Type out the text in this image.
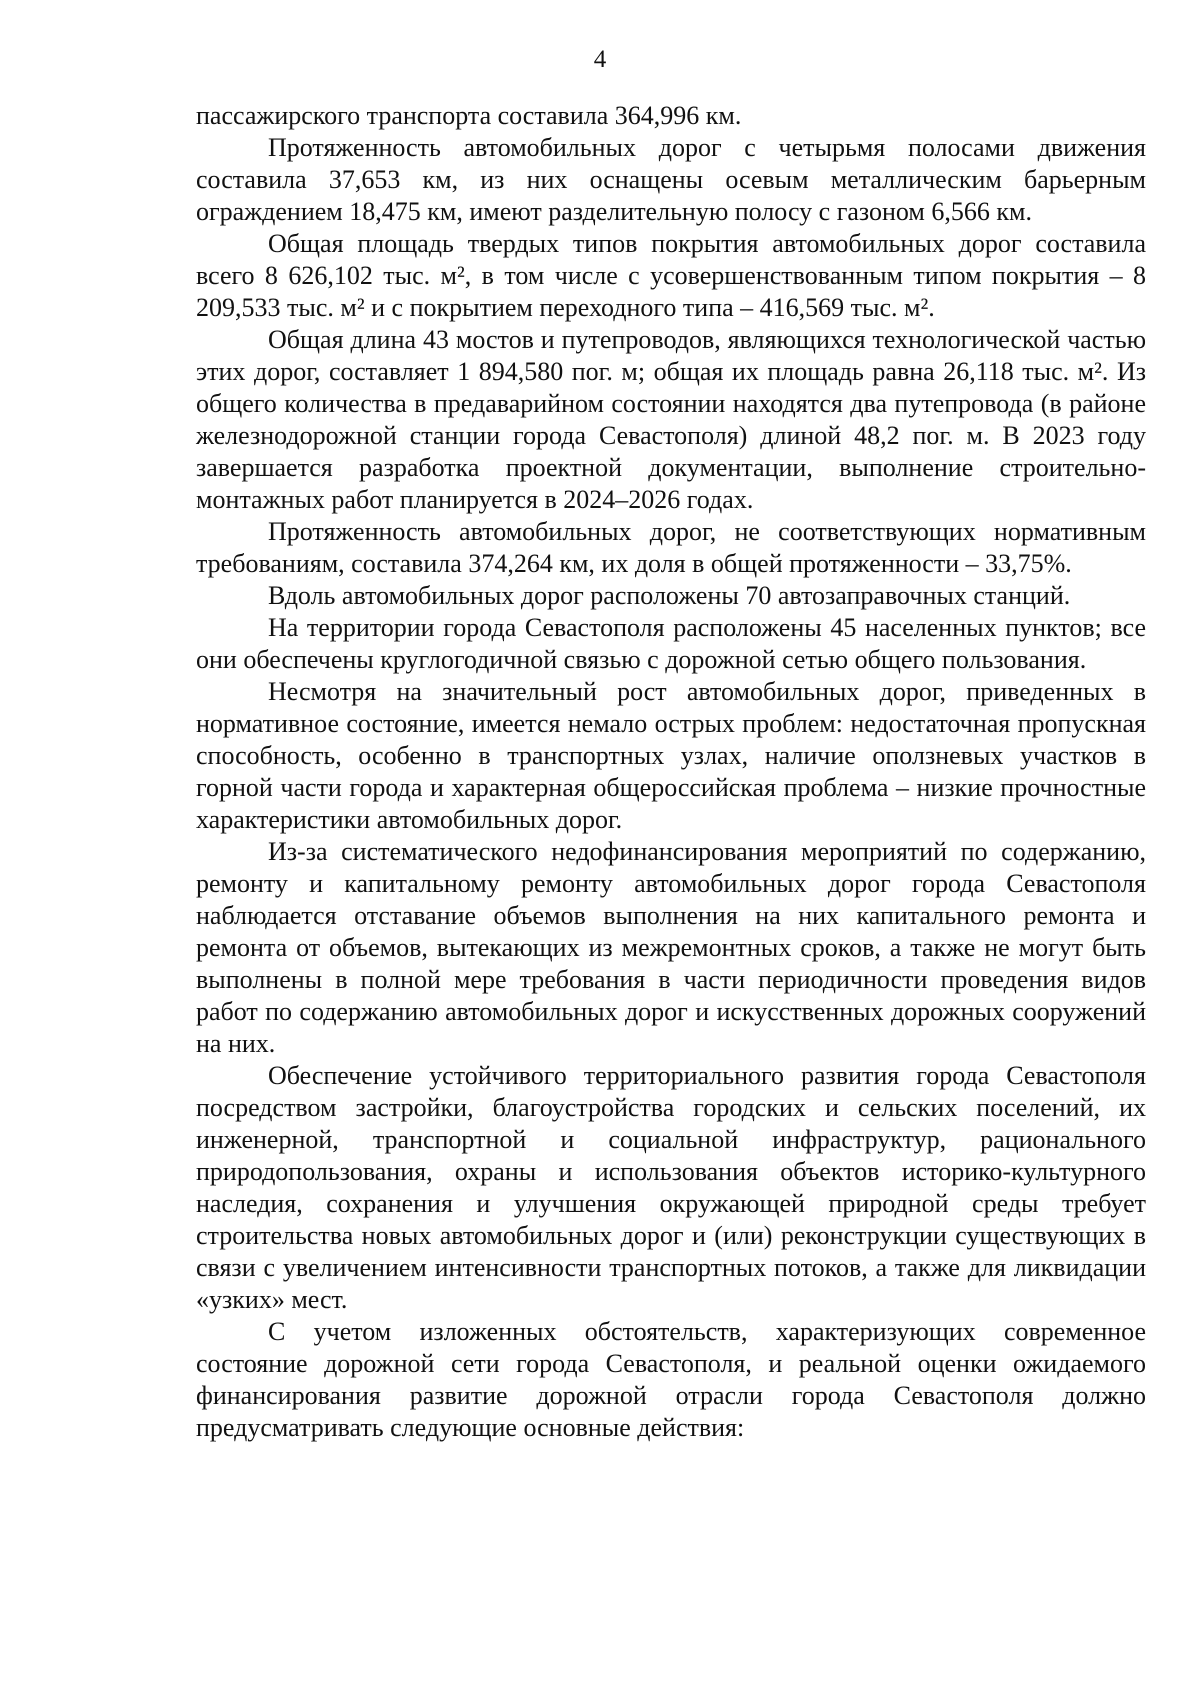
4

пассажирского транспорта составила 364,996 км.

Протяженность автомобильных дорог с четырьмя полосами движения составила 37,653 км, из них оснащены осевым металлическим барьерным ограждением 18,475 км, имеют разделительную полосу с газоном 6,566 км.

Общая площадь твердых типов покрытия автомобильных дорог составила всего 8 626,102 тыс. м², в том числе с усовершенствованным типом покрытия – 8 209,533 тыс. м² и с покрытием переходного типа – 416,569 тыс. м².

Общая длина 43 мостов и путепроводов, являющихся технологической частью этих дорог, составляет 1 894,580 пог. м; общая их площадь равна 26,118 тыс. м². Из общего количества в предаварийном состоянии находятся два путепровода (в районе железнодорожной станции города Севастополя) длиной 48,2 пог. м. В 2023 году завершается разработка проектной документации, выполнение строительно-монтажных работ планируется в 2024–2026 годах.

Протяженность автомобильных дорог, не соответствующих нормативным требованиям, составила 374,264 км, их доля в общей протяженности – 33,75%.

Вдоль автомобильных дорог расположены 70 автозаправочных станций.

На территории города Севастополя расположены 45 населенных пунктов; все они обеспечены круглогодичной связью с дорожной сетью общего пользования.

Несмотря на значительный рост автомобильных дорог, приведенных в нормативное состояние, имеется немало острых проблем: недостаточная пропускная способность, особенно в транспортных узлах, наличие оползневых участков в горной части города и характерная общероссийская проблема – низкие прочностные характеристики автомобильных дорог.

Из-за систематического недофинансирования мероприятий по содержанию, ремонту и капитальному ремонту автомобильных дорог города Севастополя наблюдается отставание объемов выполнения на них капитального ремонта и ремонта от объемов, вытекающих из межремонтных сроков, а также не могут быть выполнены в полной мере требования в части периодичности проведения видов работ по содержанию автомобильных дорог и искусственных дорожных сооружений на них.

Обеспечение устойчивого территориального развития города Севастополя посредством застройки, благоустройства городских и сельских поселений, их инженерной, транспортной и социальной инфраструктур, рационального природопользования, охраны и использования объектов историко-культурного наследия, сохранения и улучшения окружающей природной среды требует строительства новых автомобильных дорог и (или) реконструкции существующих в связи с увеличением интенсивности транспортных потоков, а также для ликвидации «узких» мест.

С учетом изложенных обстоятельств, характеризующих современное состояние дорожной сети города Севастополя, и реальной оценки ожидаемого финансирования развитие дорожной отрасли города Севастополя должно предусматривать следующие основные действия:
